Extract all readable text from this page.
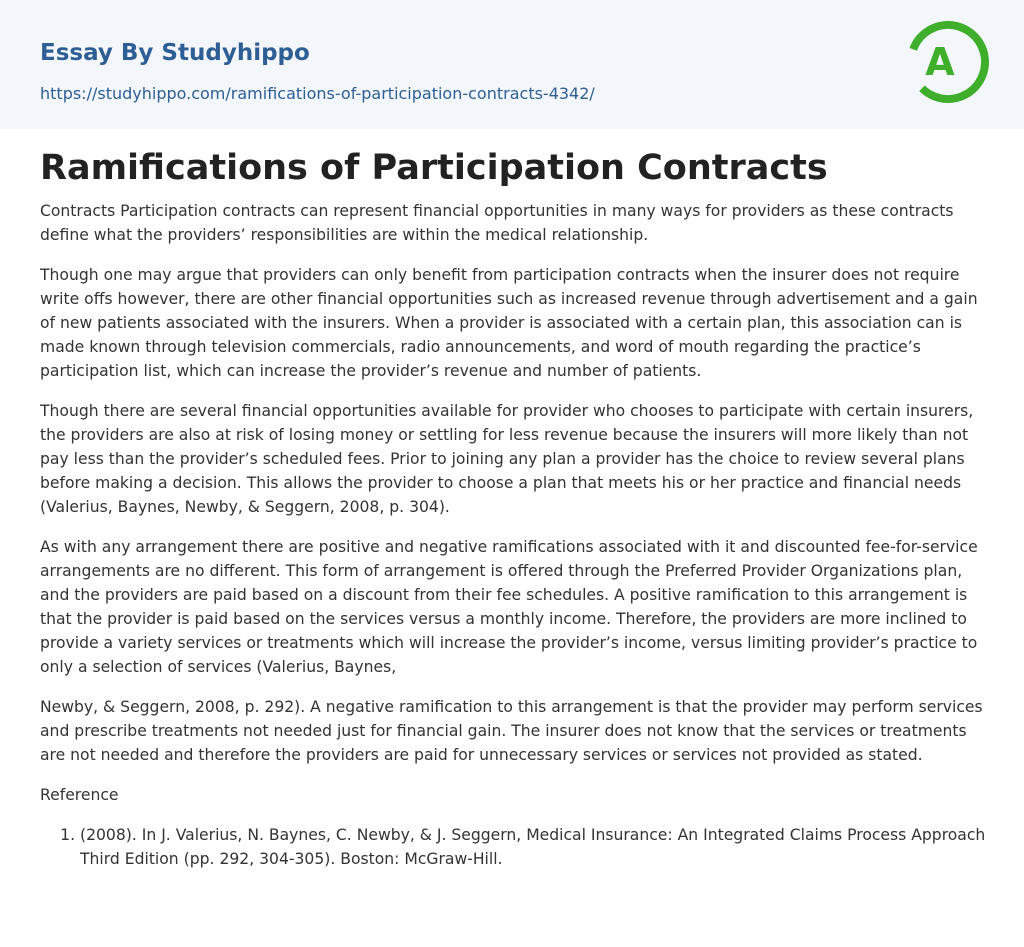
Essay By Studyhippo
https://studyhippo.com/ramifications-of-participation-contracts-4342/
A
Ramifications of Participation Contracts

Contracts Participation contracts can represent financial opportunities in many ways for providers as these contracts define what the providers’ responsibilities are within the medical relationship.

Though one may argue that providers can only benefit from participation contracts when the insurer does not require write offs however, there are other financial opportunities such as increased revenue through advertisement and a gain of new patients associated with the insurers. When a provider is associated with a certain plan, this association can is made known through television commercials, radio announcements, and word of mouth regarding the practice’s participation list, which can increase the provider’s revenue and number of patients.

Though there are several financial opportunities available for provider who chooses to participate with certain insurers, the providers are also at risk of losing money or settling for less revenue because the insurers will more likely than not pay less than the provider’s scheduled fees. Prior to joining any plan a provider has the choice to review several plans before making a decision. This allows the provider to choose a plan that meets his or her practice and financial needs (Valerius, Baynes, Newby, & Seggern, 2008, p. 304).

As with any arrangement there are positive and negative ramifications associated with it and discounted fee-for-service arrangements are no different. This form of arrangement is offered through the Preferred Provider Organizations plan, and the providers are paid based on a discount from their fee schedules. A positive ramification to this arrangement is that the provider is paid based on the services versus a monthly income. Therefore, the providers are more inclined to provide a variety services or treatments which will increase the provider’s income, versus limiting provider’s practice to only a selection of services (Valerius, Baynes,

Newby, & Seggern, 2008, p. 292). A negative ramification to this arrangement is that the provider may perform services and prescribe treatments not needed just for financial gain. The insurer does not know that the services or treatments are not needed and therefore the providers are paid for unnecessary services or services not provided as stated.

Reference

1. (2008). In J. Valerius, N. Baynes, C. Newby, & J. Seggern, Medical Insurance: An Integrated Claims Process Approach Third Edition (pp. 292, 304-305). Boston: McGraw-Hill.
